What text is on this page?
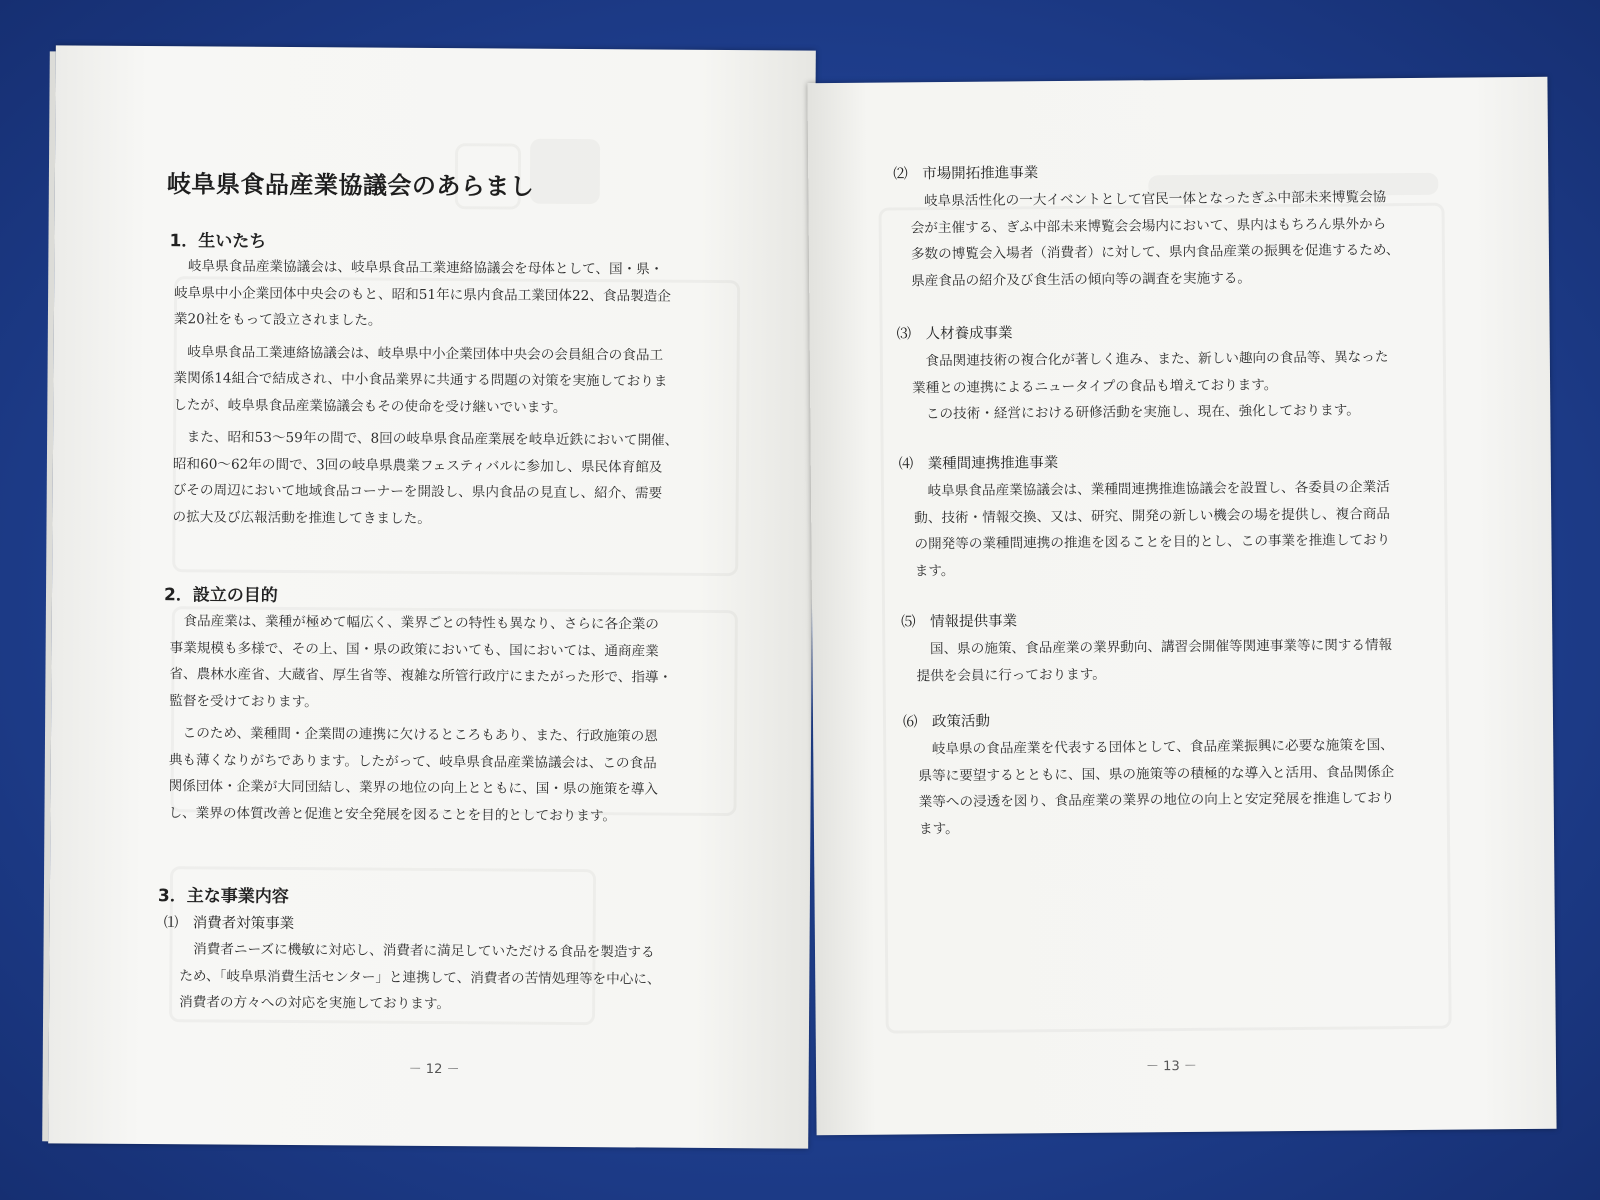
岐阜県食品産業協議会のあらまし
1．生いたち
　岐阜県食品産業協議会は、岐阜県食品工業連絡協議会を母体として、国・県・
岐阜県中小企業団体中央会のもと、昭和51年に県内食品工業団体22、食品製造企
業20社をもって設立されました。
　岐阜県食品工業連絡協議会は、岐阜県中小企業団体中央会の会員組合の食品工
業関係14組合で結成され、中小食品業界に共通する問題の対策を実施しておりま
したが、岐阜県食品産業協議会もその使命を受け継いでいます。
　また、昭和53～59年の間で、8回の岐阜県食品産業展を岐阜近鉄において開催、
昭和60～62年の間で、3回の岐阜県農業フェスティバルに参加し、県民体育館及
びその周辺において地域食品コーナーを開設し、県内食品の見直し、紹介、需要
の拡大及び広報活動を推進してきました。
2．設立の目的
　食品産業は、業種が極めて幅広く、業界ごとの特性も異なり、さらに各企業の
事業規模も多様で、その上、国・県の政策においても、国においては、通商産業
省、農林水産省、大蔵省、厚生省等、複雑な所管行政庁にまたがった形で、指導・
監督を受けております。
　このため、業種間・企業間の連携に欠けるところもあり、また、行政施策の恩
典も薄くなりがちであります。したがって、岐阜県食品産業協議会は、この食品
関係団体・企業が大同団結し、業界の地位の向上とともに、国・県の施策を導入
し、業界の体質改善と促進と安全発展を図ることを目的としております。
3．主な事業内容
⑴　消費者対策事業
　消費者ニーズに機敏に対応し、消費者に満足していただける食品を製造する
ため、「岐阜県消費生活センター」と連携して、消費者の苦情処理等を中心に、
消費者の方々への対応を実施しております。
－ 12 －
⑵　市場開拓推進事業
　岐阜県活性化の一大イベントとして官民一体となったぎふ中部未来博覧会協
会が主催する、ぎふ中部未来博覧会会場内において、県内はもちろん県外から
多数の博覧会入場者（消費者）に対して、県内食品産業の振興を促進するため、
県産食品の紹介及び食生活の傾向等の調査を実施する。
⑶　人材養成事業
　食品関連技術の複合化が著しく進み、また、新しい趣向の食品等、異なった
業種との連携によるニュータイプの食品も増えております。
　この技術・経営における研修活動を実施し、現在、強化しております。
⑷　業種間連携推進事業
　岐阜県食品産業協議会は、業種間連携推進協議会を設置し、各委員の企業活
動、技術・情報交換、又は、研究、開発の新しい機会の場を提供し、複合商品
の開発等の業種間連携の推進を図ることを目的とし、この事業を推進しており
ます。
⑸　情報提供事業
　国、県の施策、食品産業の業界動向、講習会開催等関連事業等に関する情報
提供を会員に行っております。
⑹　政策活動
　岐阜県の食品産業を代表する団体として、食品産業振興に必要な施策を国、
県等に要望するとともに、国、県の施策等の積極的な導入と活用、食品関係企
業等への浸透を図り、食品産業の業界の地位の向上と安定発展を推進しており
ます。
－ 13 －
